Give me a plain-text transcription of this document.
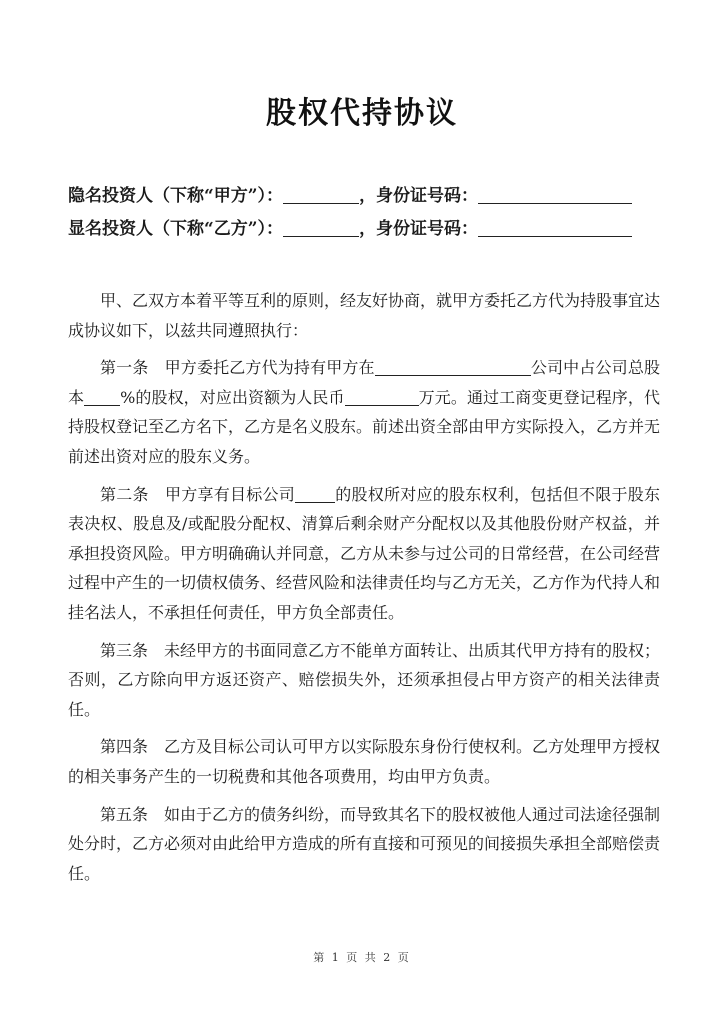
股权代持协议
隐名投资人（下称“甲方”）：	，身份证号码：
显名投资人（下称“乙方”）：	，身份证号码：

甲、乙双方本着平等互利的原则，经友好协商，就甲方委托乙方代为持股事宜达成协议如下，以兹共同遵照执行：

第一条　甲方委托乙方代为持有甲方在	公司中占公司总股本 %的股权，对应出资额为人民币	万元。通过工商变更登记程序，代持股权登记至乙方名下，乙方是名义股东。前述出资全部由甲方实际投入，乙方并无前述出资对应的股东义务。

第二条　甲方享有目标公司	的股权所对应的股东权利，包括但不限于股东表决权、股息及/或配股分配权、清算后剩余财产分配权以及其他股份财产权益，并承担投资风险。甲方明确确认并同意，乙方从未参与过公司的日常经营，在公司经营过程中产生的一切债权债务、经营风险和法律责任均与乙方无关，乙方作为代持人和挂名法人，不承担任何责任，甲方负全部责任。

第三条　未经甲方的书面同意乙方不能单方面转让、出质其代甲方持有的股权；否则，乙方除向甲方返还资产、赔偿损失外，还须承担侵占甲方资产的相关法律责任。

第四条　乙方及目标公司认可甲方以实际股东身份行使权利。乙方处理甲方授权的相关事务产生的一切税费和其他各项费用，均由甲方负责。

第五条　如由于乙方的债务纠纷，而导致其名下的股权被他人通过司法途径强制处分时，乙方必须对由此给甲方造成的所有直接和可预见的间接损失承担全部赔偿责任。

第 1 页 共 2 页
